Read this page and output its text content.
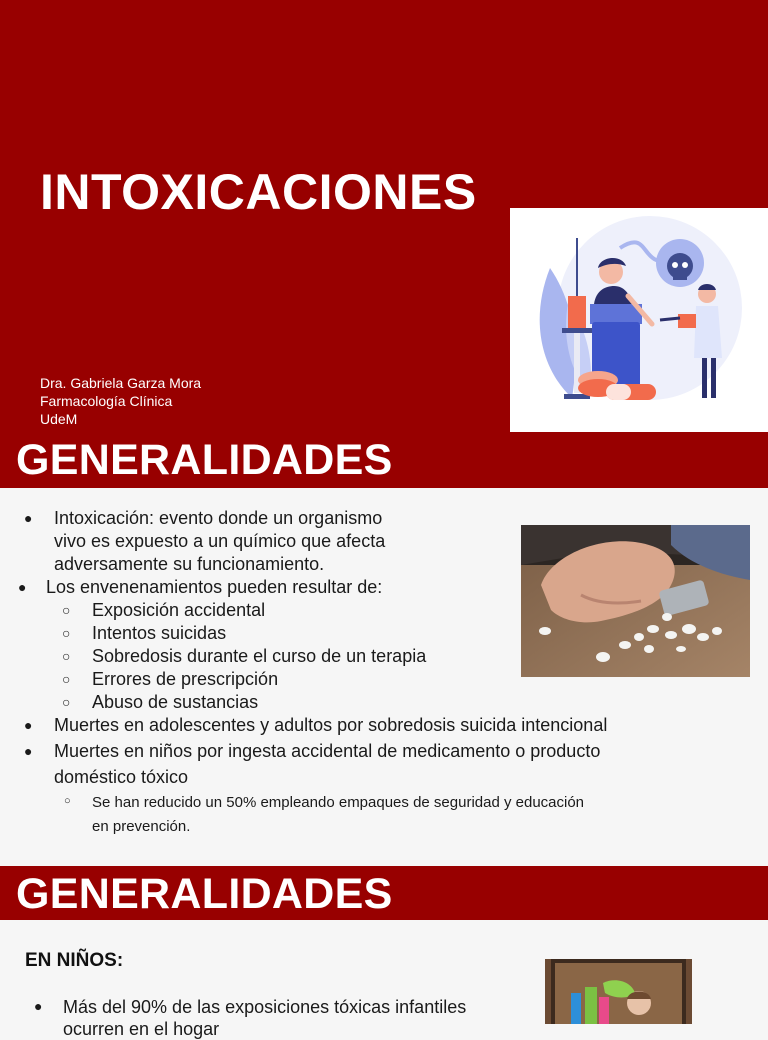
INTOXICACIONES
Dra. Gabriela Garza Mora
Farmacología Clínica
UdeM
GENERALIDADES
● Intoxicación: evento donde un organismo
vivo es expuesto a un químico que afecta
adversamente su funcionamiento.
● Los envenenamientos pueden resultar de:
○ Exposición accidental
○ Intentos suicidas
○ Sobredosis durante el curso de un terapia
○ Errores de prescripción
○ Abuso de sustancias
● Muertes en adolescentes y adultos por sobredosis suicida intencional
● Muertes en niños por ingesta accidental de medicamento o producto
doméstico tóxico
○ Se han reducido un 50% empleando empaques de seguridad y educación
en prevención.
GENERALIDADES
EN NIÑOS:
● Más del 90% de las exposiciones tóxicas infantiles ocurren en el hogar
